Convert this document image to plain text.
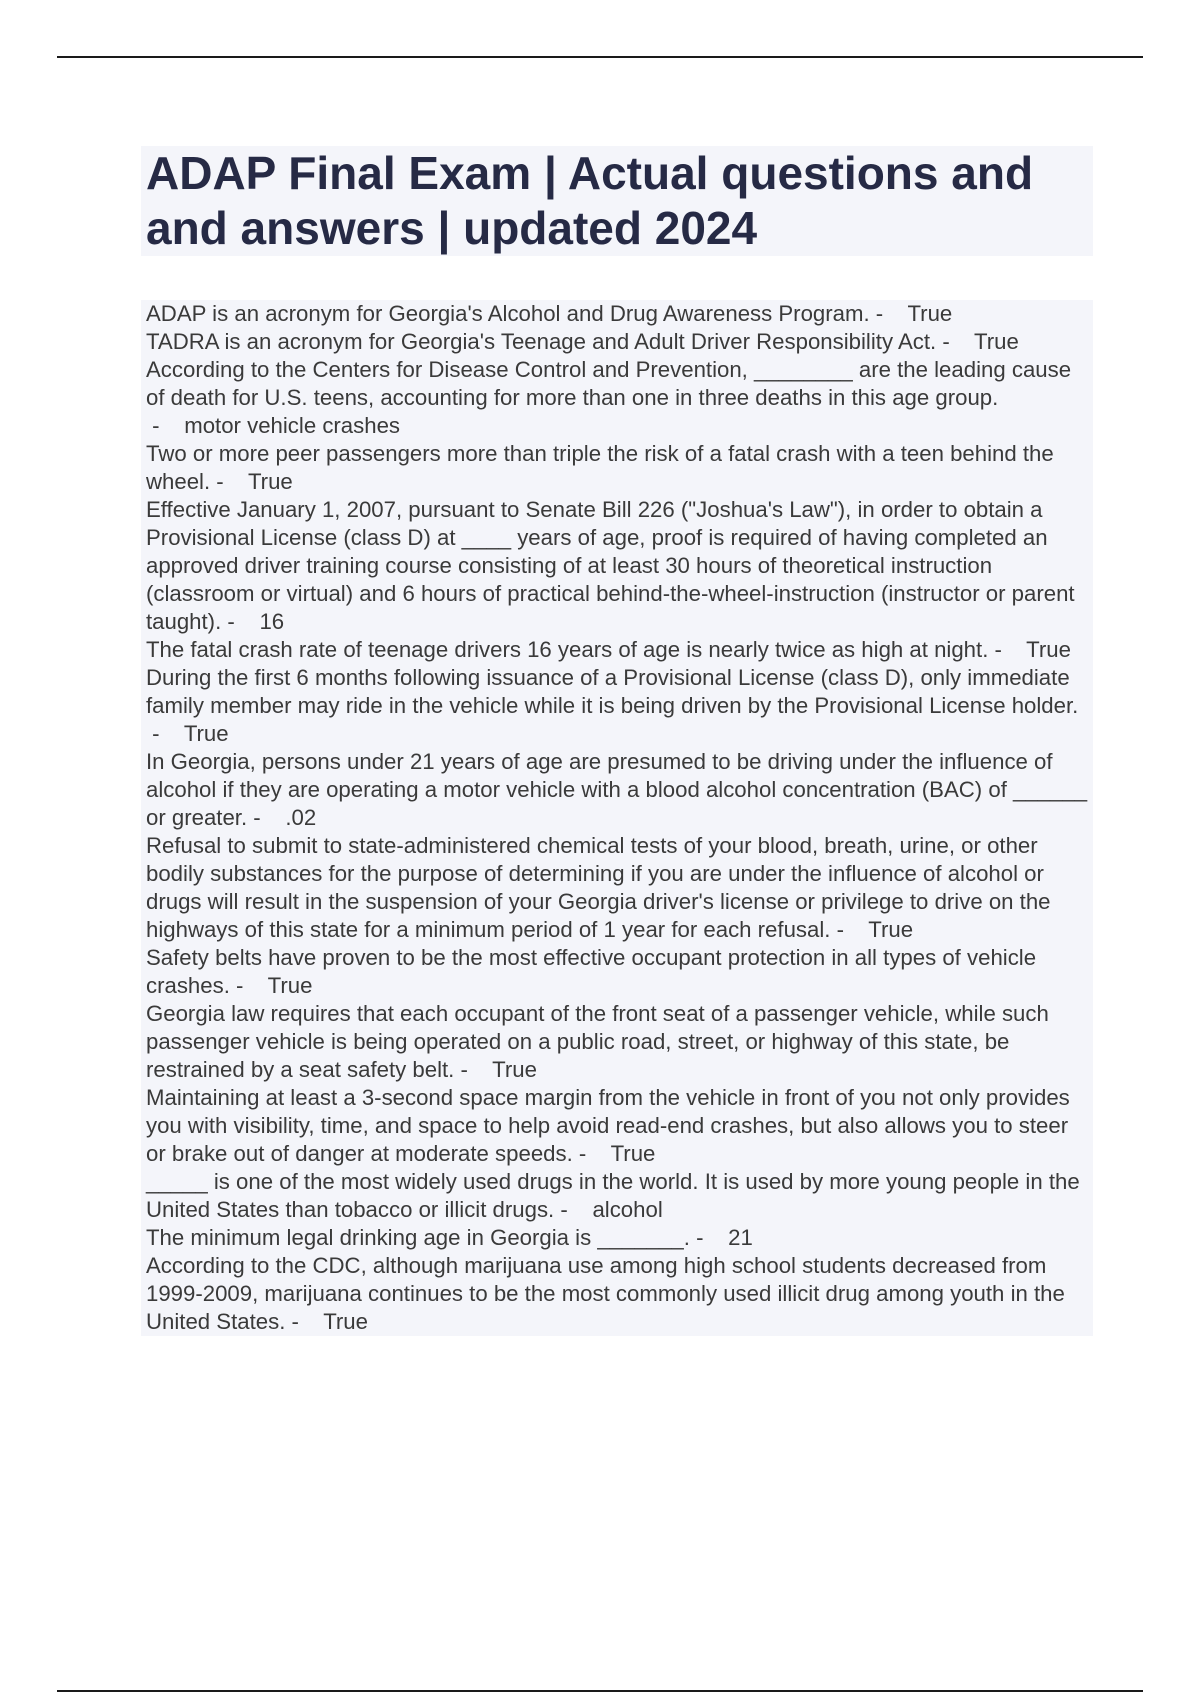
ADAP Final Exam | Actual questions and and answers | updated 2024
ADAP is an acronym for Georgia's Alcohol and Drug Awareness Program. -    True
TADRA is an acronym for Georgia's Teenage and Adult Driver Responsibility Act. -    True
According to the Centers for Disease Control and Prevention, ________ are the leading cause of death for U.S. teens, accounting for more than one in three deaths in this age group. -    motor vehicle crashes
Two or more peer passengers more than triple the risk of a fatal crash with a teen behind the wheel. -    True
Effective January 1, 2007, pursuant to Senate Bill 226 ("Joshua's Law"), in order to obtain a Provisional License (class D) at ____ years of age, proof is required of having completed an approved driver training course consisting of at least 30 hours of theoretical instruction (classroom or virtual) and 6 hours of practical behind-the-wheel-instruction (instructor or parent taught). -    16
The fatal crash rate of teenage drivers 16 years of age is nearly twice as high at night. -    True
During the first 6 months following issuance of a Provisional License (class D), only immediate family member may ride in the vehicle while it is being driven by the Provisional License holder. -    True
In Georgia, persons under 21 years of age are presumed to be driving under the influence of alcohol if they are operating a motor vehicle with a blood alcohol concentration (BAC) of ______ or greater. -    .02
Refusal to submit to state-administered chemical tests of your blood, breath, urine, or other bodily substances for the purpose of determining if you are under the influence of alcohol or drugs will result in the suspension of your Georgia driver's license or privilege to drive on the highways of this state for a minimum period of 1 year for each refusal. -    True
Safety belts have proven to be the most effective occupant protection in all types of vehicle crashes. -    True
Georgia law requires that each occupant of the front seat of a passenger vehicle, while such passenger vehicle is being operated on a public road, street, or highway of this state, be restrained by a seat safety belt. -    True
Maintaining at least a 3-second space margin from the vehicle in front of you not only provides you with visibility, time, and space to help avoid read-end crashes, but also allows you to steer or brake out of danger at moderate speeds. -    True
_____ is one of the most widely used drugs in the world. It is used by more young people in the United States than tobacco or illicit drugs. -    alcohol
The minimum legal drinking age in Georgia is _______. -    21
According to the CDC, although marijuana use among high school students decreased from 1999-2009, marijuana continues to be the most commonly used illicit drug among youth in the United States. -    True
